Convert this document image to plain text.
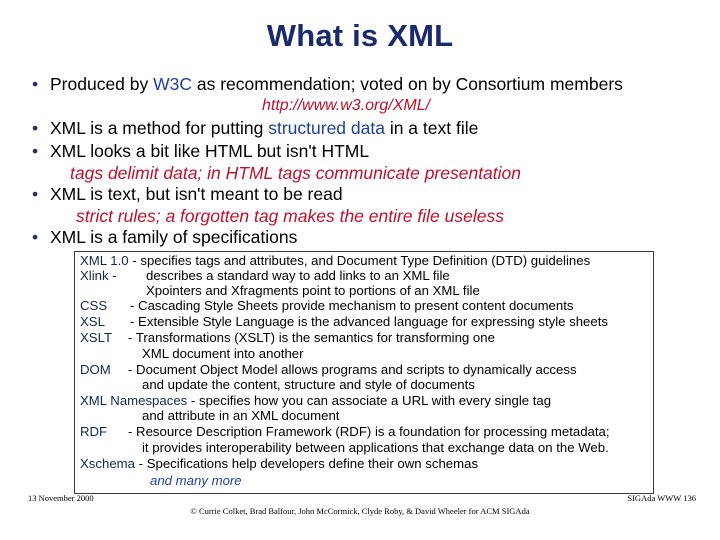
What is XML
• Produced by W3C as recommendation; voted on by Consortium members
http://www.w3.org/XML/
• XML is a method for putting structured data in a text file
• XML looks a bit like HTML but isn't HTML
tags delimit data; in HTML tags communicate presentation
• XML is text, but isn't meant to be read
strict rules; a forgotten tag makes the entire file useless
• XML is a family of specifications
XML 1.0 - specifies tags and attributes, and Document Type Definition (DTD) guidelines
Xlink - describes a standard way to add links to an XML file
Xpointers and Xfragments point to portions of an XML file
CSS - Cascading Style Sheets provide mechanism to present content documents
XSL - Extensible Style Language is the advanced language for expressing style sheets
XSLT - Transformations (XSLT) is the semantics for transforming one
XML document into another
DOM - Document Object Model allows programs and scripts to dynamically access
and update the content, structure and style of documents
XML Namespaces - specifies how you can associate a URL with every single tag
and attribute in an XML document
RDF - Resource Description Framework (RDF) is a foundation for processing metadata;
it provides interoperability between applications that exchange data on the Web.
Xschema - Specifications help developers define their own schemas
and many more
13 November 2000	SIGAda WWW 136
© Currie Colket, Brad Balfour, John McCormick, Clyde Roby, & David Wheeler for ACM SIGAda
